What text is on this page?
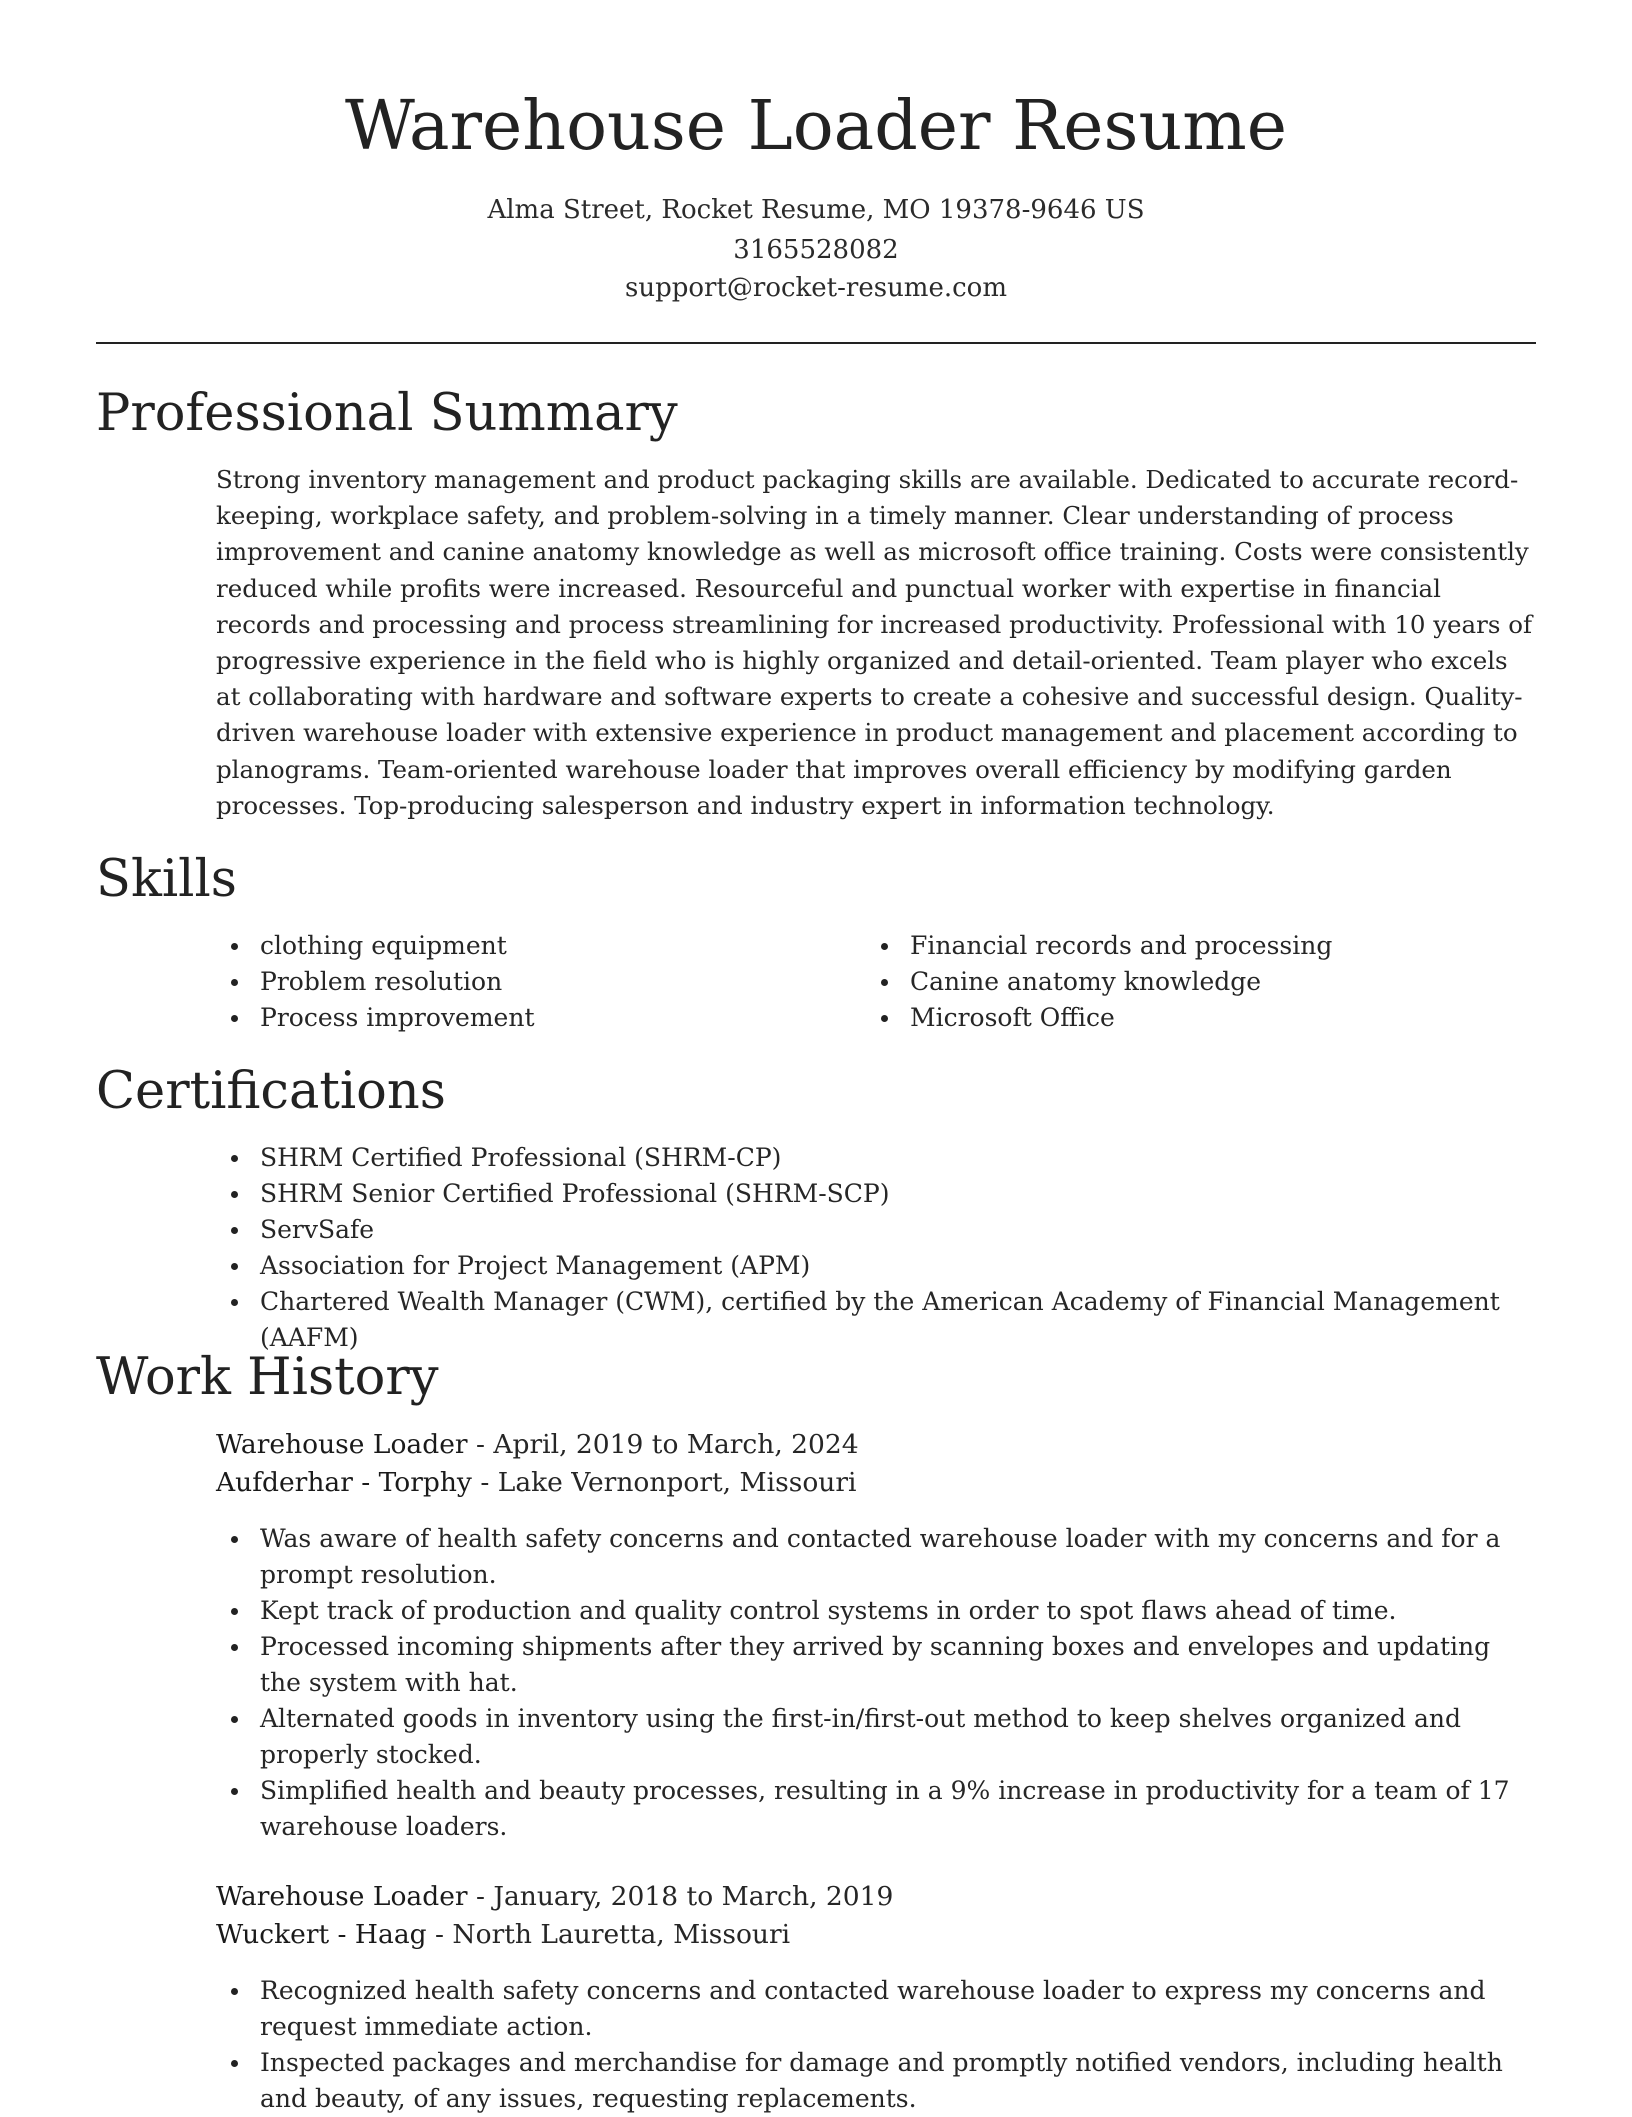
Warehouse Loader Resume
Alma Street, Rocket Resume, MO 19378-9646 US
3165528082
support@rocket-resume.com
Professional Summary

Strong inventory management and product packaging skills are available. Dedicated to accurate record-keeping, workplace safety, and problem-solving in a timely manner. Clear understanding of process improvement and canine anatomy knowledge as well as microsoft office training. Costs were consistently reduced while profits were increased. Resourceful and punctual worker with expertise in financial records and processing and process streamlining for increased productivity. Professional with 10 years of progressive experience in the field who is highly organized and detail-oriented. Team player who excels at collaborating with hardware and software experts to create a cohesive and successful design. Quality-driven warehouse loader with extensive experience in product management and placement according to planograms. Team-oriented warehouse loader that improves overall efficiency by modifying garden processes. Top-producing salesperson and industry expert in information technology.

Skills
clothing equipment
Problem resolution
Process improvement
Financial records and processing
Canine anatomy knowledge
Microsoft Office
Certifications
SHRM Certified Professional (SHRM-CP)
SHRM Senior Certified Professional (SHRM-SCP)
ServSafe
Association for Project Management (APM)
Chartered Wealth Manager (CWM), certified by the American Academy of Financial Management (AAFM)
Work History
Warehouse Loader - April, 2019 to March, 2024
Aufderhar - Torphy - Lake Vernonport, Missouri
Was aware of health safety concerns and contacted warehouse loader with my concerns and for a prompt resolution.
Kept track of production and quality control systems in order to spot flaws ahead of time.
Processed incoming shipments after they arrived by scanning boxes and envelopes and updating the system with hat.
Alternated goods in inventory using the first-in/first-out method to keep shelves organized and properly stocked.
Simplified health and beauty processes, resulting in a 9% increase in productivity for a team of 17 warehouse loaders.
Warehouse Loader - January, 2018 to March, 2019
Wuckert - Haag - North Lauretta, Missouri
Recognized health safety concerns and contacted warehouse loader to express my concerns and request immediate action.
Inspected packages and merchandise for damage and promptly notified vendors, including health and beauty, of any issues, requesting replacements.
